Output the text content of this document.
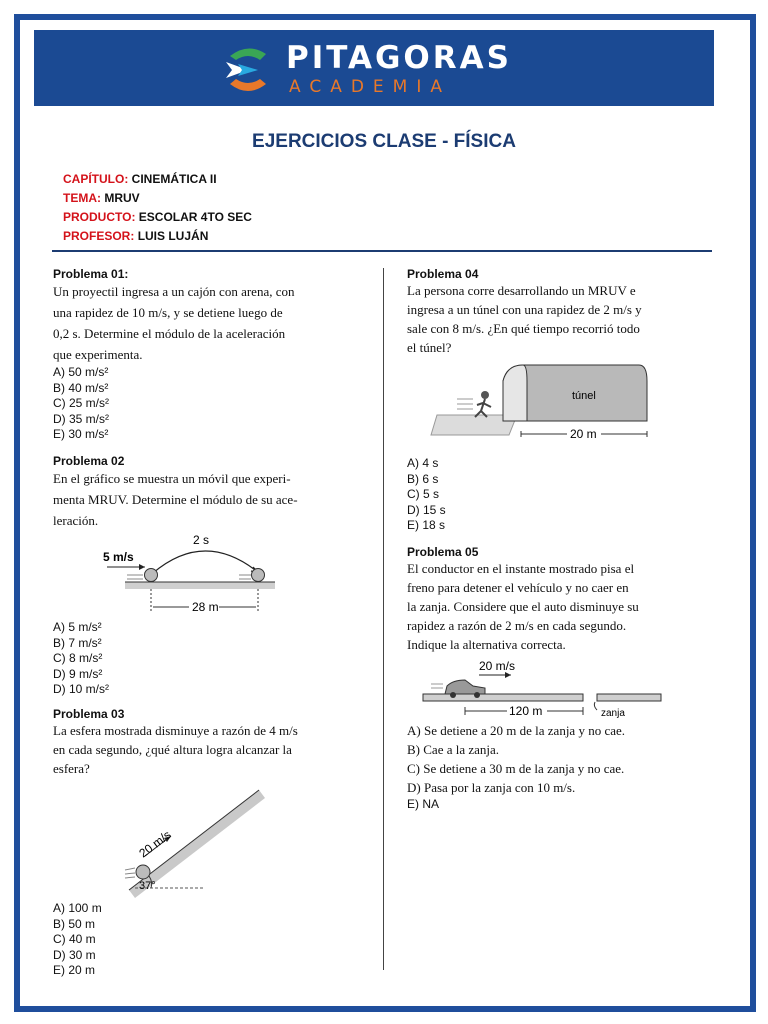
PITAGORAS
ACADEMIA
EJERCICIOS CLASE - FÍSICA
CAPÍTULO: CINEMÁTICA II
TEMA: MRUV
PRODUCTO: ESCOLAR 4TO SEC
PROFESOR: LUIS LUJÁN

Problema 01:

Un proyectil ingresa a un cajón con arena, con

una rapidez de 10 m/s, y se detiene luego de

0,2 s. Determine el módulo de la aceleración

que experimenta.

A) 50 m/s²
B) 40 m/s²
C) 25 m/s²
D) 35 m/s²
E) 30 m/s²

Problema 02

En el gráfico se muestra un móvil que experi-

menta MRUV. Determine el módulo de su ace-

leración.

2 s
5 m/s
28 m
A) 5 m/s²
B) 7 m/s²
C) 8 m/s²
D) 9 m/s²
D) 10 m/s²

Problema 03

La esfera mostrada disminuye a razón de 4 m/s

en cada segundo, ¿qué altura logra alcanzar la

esfera?

37°
20 m/s
A) 100 m
B) 50 m
C) 40 m
D) 30 m
E) 20 m

Problema 04

La persona corre desarrollando un MRUV e

ingresa a un túnel con una rapidez de 2 m/s y

sale con 8 m/s. ¿En qué tiempo recorrió todo

el túnel?

túnel
20 m
A) 4 s
B) 6 s
C) 5 s
D) 15 s
E) 18 s

Problema 05

El conductor en el instante mostrado pisa el

freno para detener el vehículo y no caer en

la zanja. Considere que el auto disminuye su

rapidez a razón de 2 m/s en cada segundo.

Indique la alternativa correcta.

20 m/s
120 m	zanja
A) Se detiene a 20 m de la zanja y no cae.
B) Cae a la zanja.
C) Se detiene a 30 m de la zanja y no cae.
D) Pasa por la zanja con 10 m/s.
E) NA
